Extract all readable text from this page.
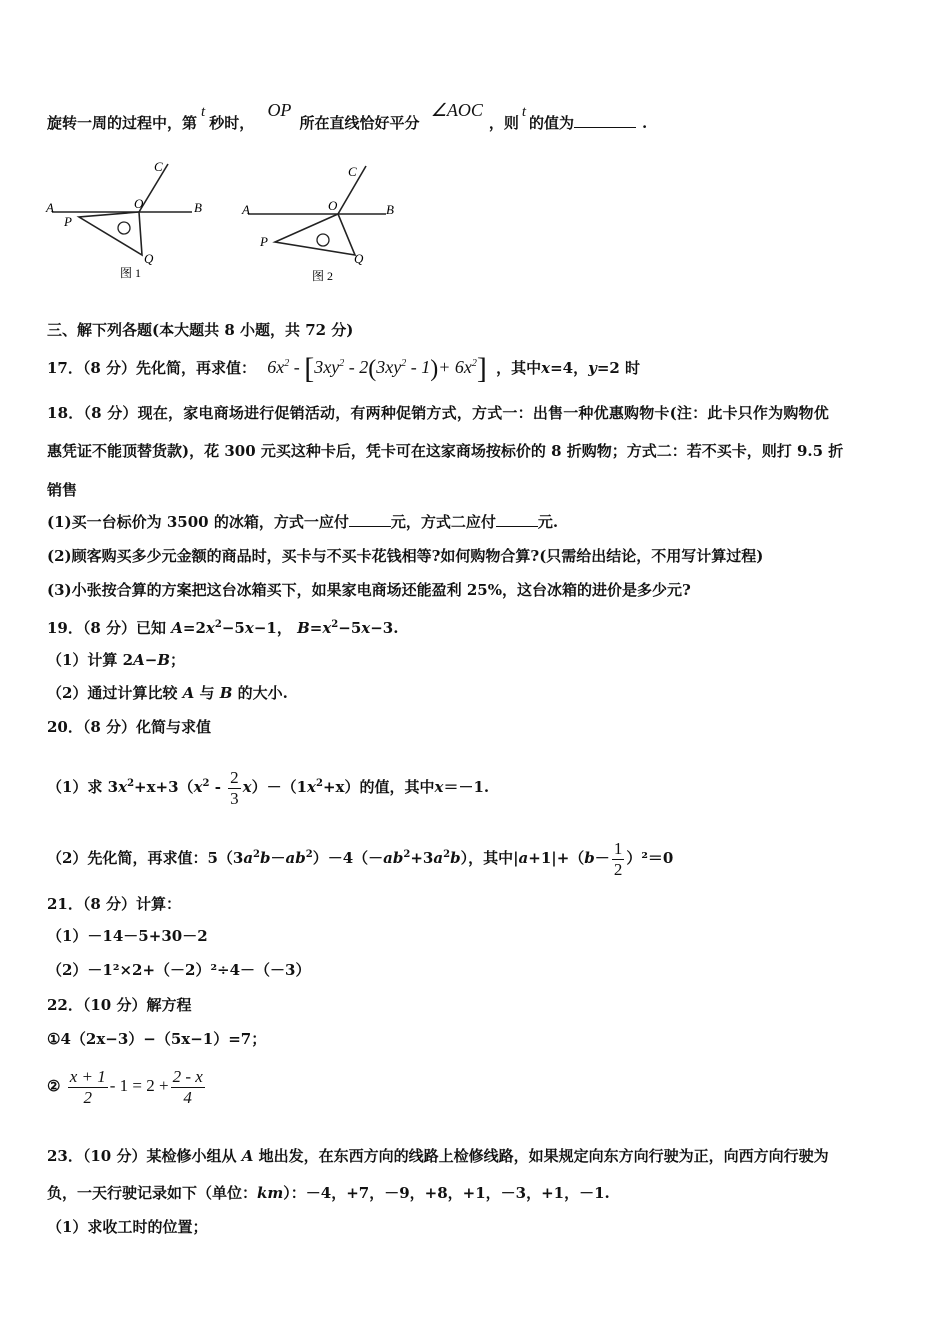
旋转一周的过程中，第t秒时， OP所在直线恰好平分 ∠AOC，则t的值为	.
A	B
C
O
P
Q
图 1
A	B
C
O
P
Q
图 2
三、解下列各题(本大题共 8 小题，共 72 分)
17．（8 分）先化简，再求值： $6x^2 - [3xy^2 - 2(3xy^2 - 1)+ 6x^2]$ ，其中x=4，y=2 时
18．（8 分）现在，家电商场进行促销活动，有两种促销方式，方式一：出售一种优惠购物卡(注：此卡只作为购物优
惠凭证不能顶替货款)，花 300 元买这种卡后，凭卡可在这家商场按标价的 8 折购物；方式二：若不买卡，则打 9.5 折
销售
(1)买一台标价为 3500 的冰箱，方式一应付	元，方式二应付	元.
(2)顾客购买多少元金额的商品时，买卡与不买卡花钱相等?如何购物合算?(只需给出结论，不用写计算过程)
(3)小张按合算的方案把这台冰箱买下，如果家电商场还能盈利 25%，这台冰箱的进价是多少元?
19．（8 分）已知 $A=2x^2-5x-1$， $B=x^2-5x-3$.
（1）计算 2A−B；
（2）通过计算比较 A 与 B 的大小.
20．（8 分）化简与求值
（1）求 $3x^2+x+3(x^2 - \frac{2}{3} x)-(1x^2+x)$的值，其中x＝－1.
（2）先化简，再求值：$5(3a^2b-ab^2)-4(-ab^2+3a^2b)$，其中$|a+1|+(b- \frac{1}{2} )^2=0$
21．（8 分）计算：
（1）－14－5+30－2
（2）－1²×2+（－2）²÷4－（－3）
22．（10 分）解方程
①4（2x−3）−（5x−1）=7；
② $\frac{x + 1}{2} - 1 = 2 + \frac{2 - x}{4}$
23．（10 分）某检修小组从 A 地出发，在东西方向的线路上检修线路，如果规定向东方向行驶为正，向西方向行驶为
负，一天行驶记录如下（单位：km）：－4，+7，－9，+8，+1，－3，+1，－1.
（1）求收工时的位置；
